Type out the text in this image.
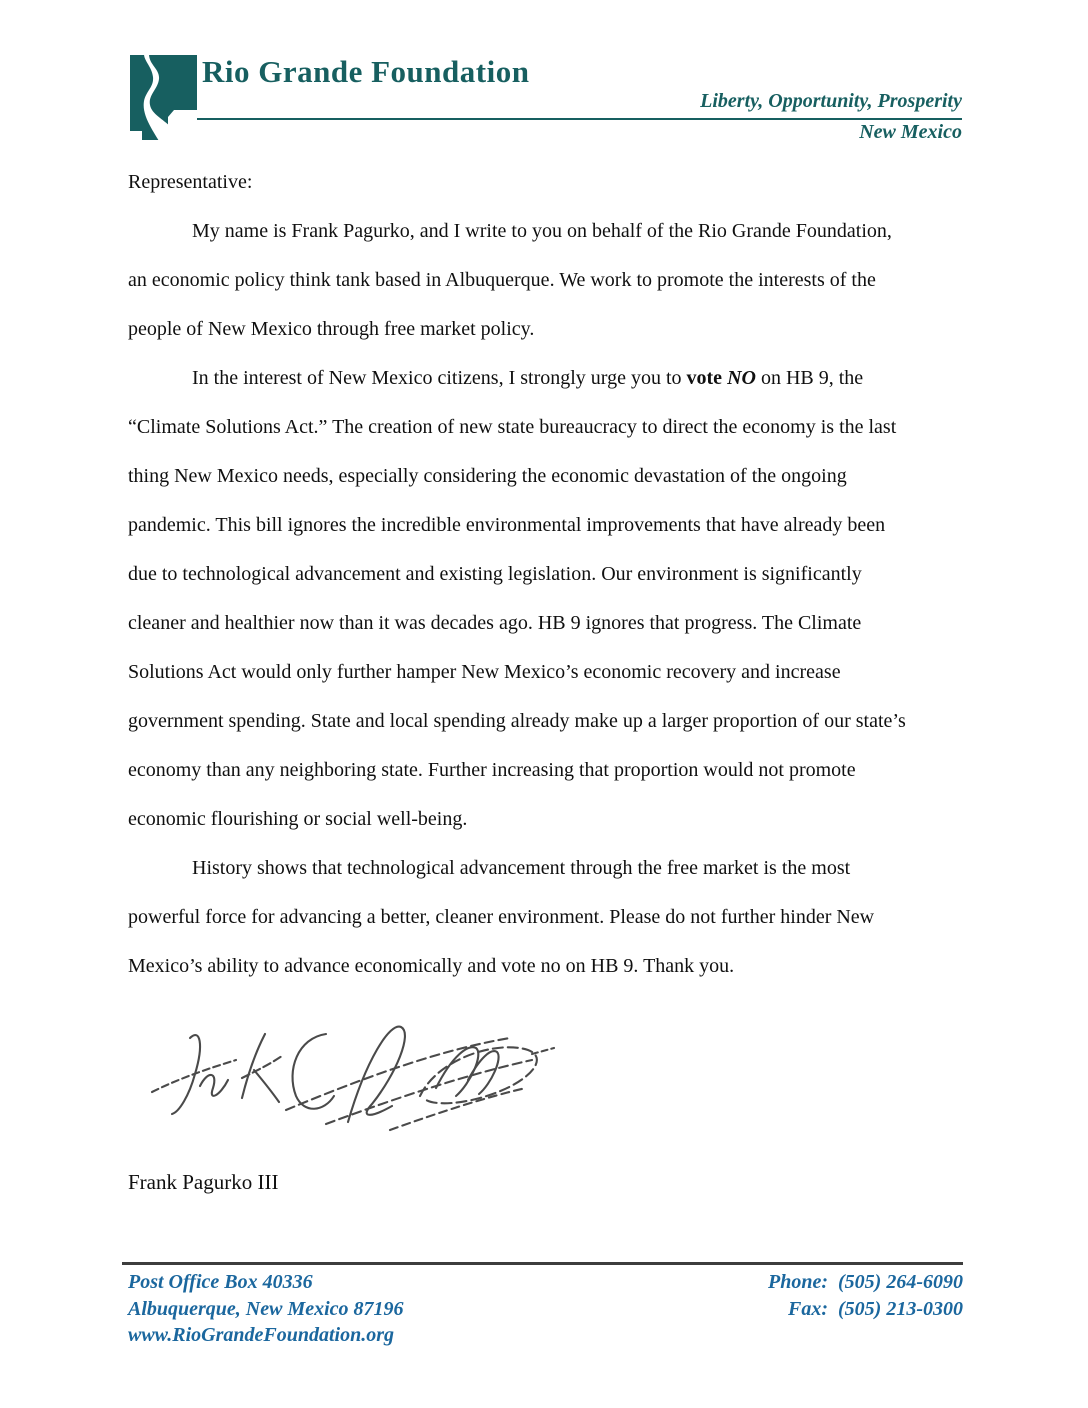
Rio Grande Foundation
Liberty, Opportunity, Prosperity
New Mexico
Representative:
My name is Frank Pagurko, and I write to you on behalf of the Rio Grande Foundation,
an economic policy think tank based in Albuquerque. We work to promote the interests of the
people of New Mexico through free market policy.
In the interest of New Mexico citizens, I strongly urge you to vote NO on HB 9, the
“Climate Solutions Act.” The creation of new state bureaucracy to direct the economy is the last
thing New Mexico needs, especially considering the economic devastation of the ongoing
pandemic. This bill ignores the incredible environmental improvements that have already been
due to technological advancement and existing legislation. Our environment is significantly
cleaner and healthier now than it was decades ago. HB 9 ignores that progress. The Climate
Solutions Act would only further hamper New Mexico’s economic recovery and increase
government spending. State and local spending already make up a larger proportion of our state’s
economy than any neighboring state. Further increasing that proportion would not promote
economic flourishing or social well-being.
History shows that technological advancement through the free market is the most
powerful force for advancing a better, cleaner environment. Please do not further hinder New
Mexico’s ability to advance economically and vote no on HB 9. Thank you.
Frank Pagurko III
Post Office Box 40336
Albuquerque, New Mexico 87196
www.RioGrandeFoundation.org
Phone: (505) 264-6090
Fax: (505) 213-0300
